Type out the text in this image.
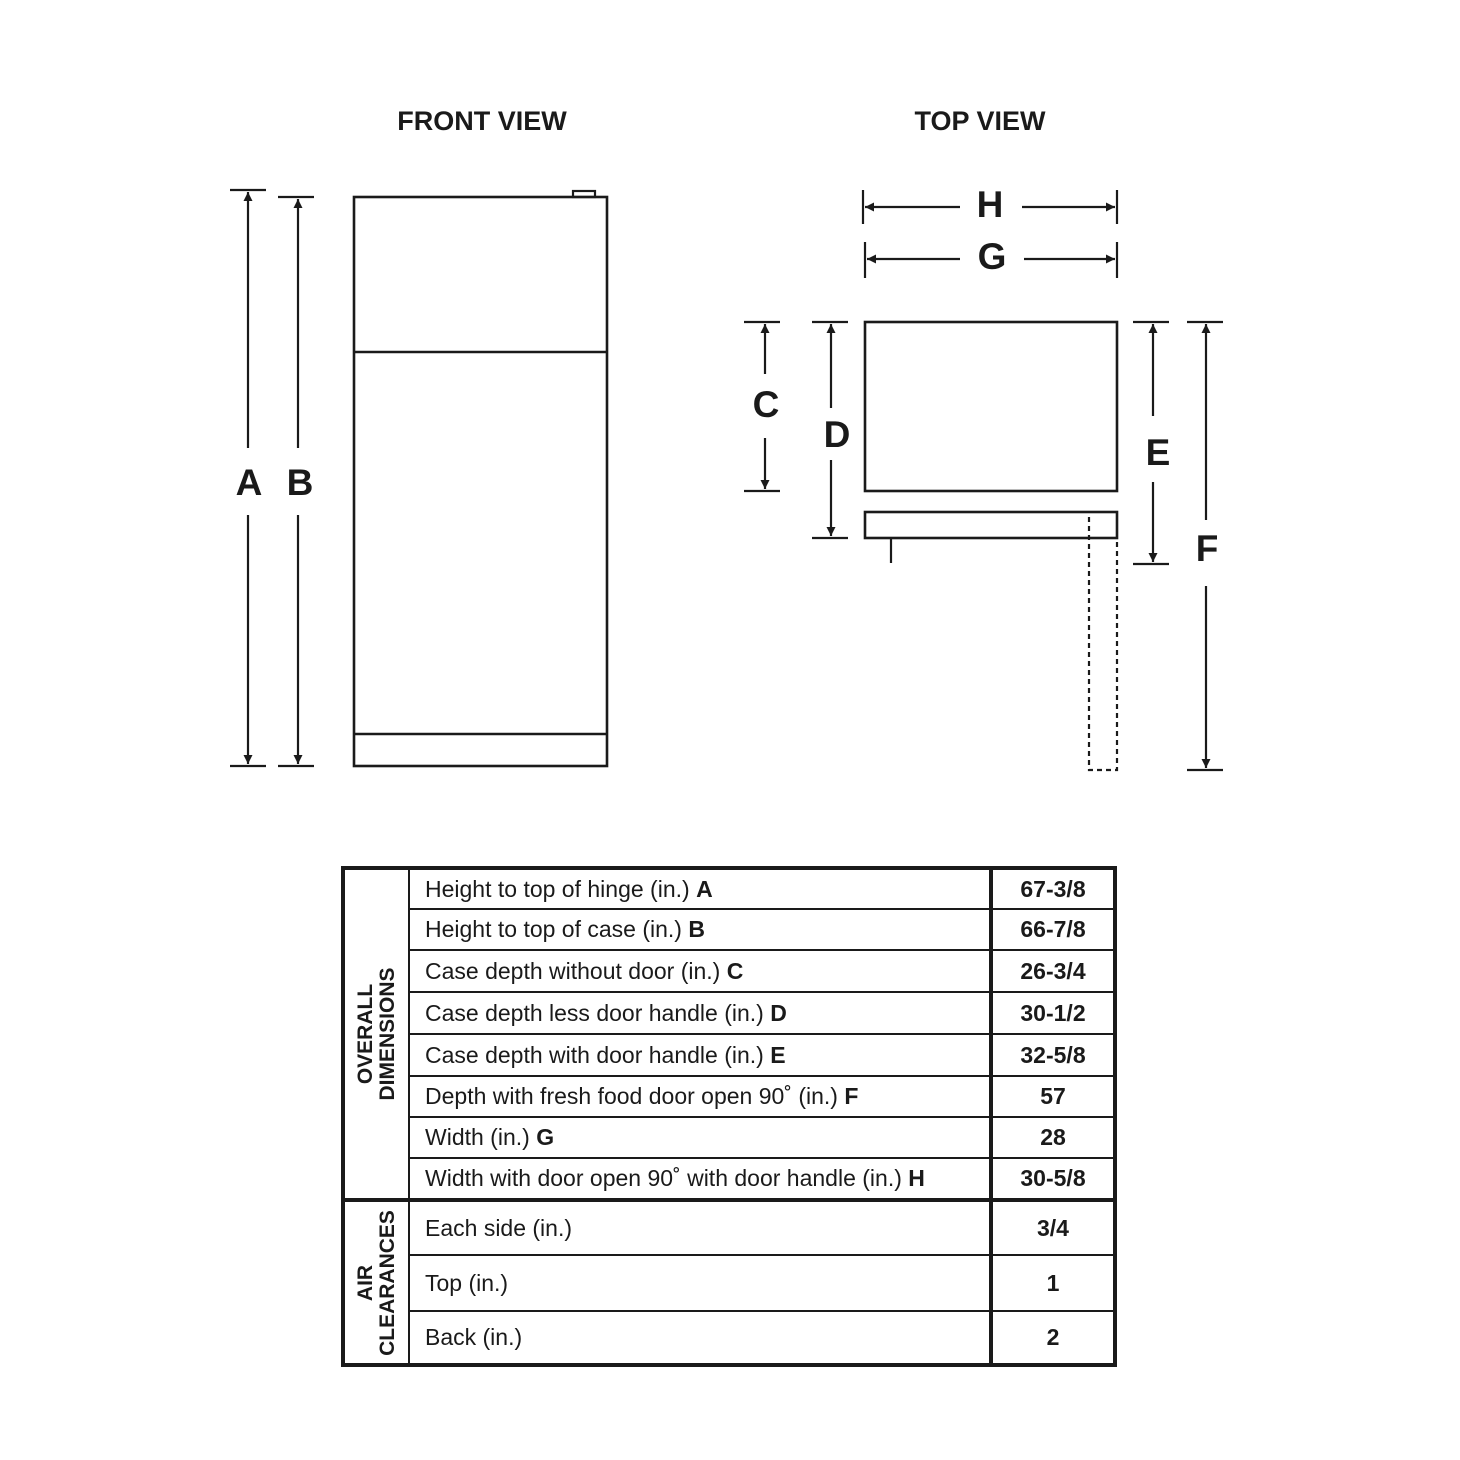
FRONT VIEW
A B
TOP VIEW
H
G
C
D	E
F
OVERALL DIMENSIONS	Height to top of hinge (in.) A	67-3/8
	Height to top of case (in.) B	66-7/8
	Case depth without door (in.) C	26-3/4
	Case depth less door handle (in.) D	30-1/2
	Case depth with door handle (in.) E	32-5/8
	Depth with fresh food door open 90˚ (in.) F	57
	Width (in.) G	28
	Width with door open 90˚ with door handle (in.) H	30-5/8

AIR CLEARANCES	Each side (in.)	3/4
	Top (in.)	1
	Back (in.)	2
